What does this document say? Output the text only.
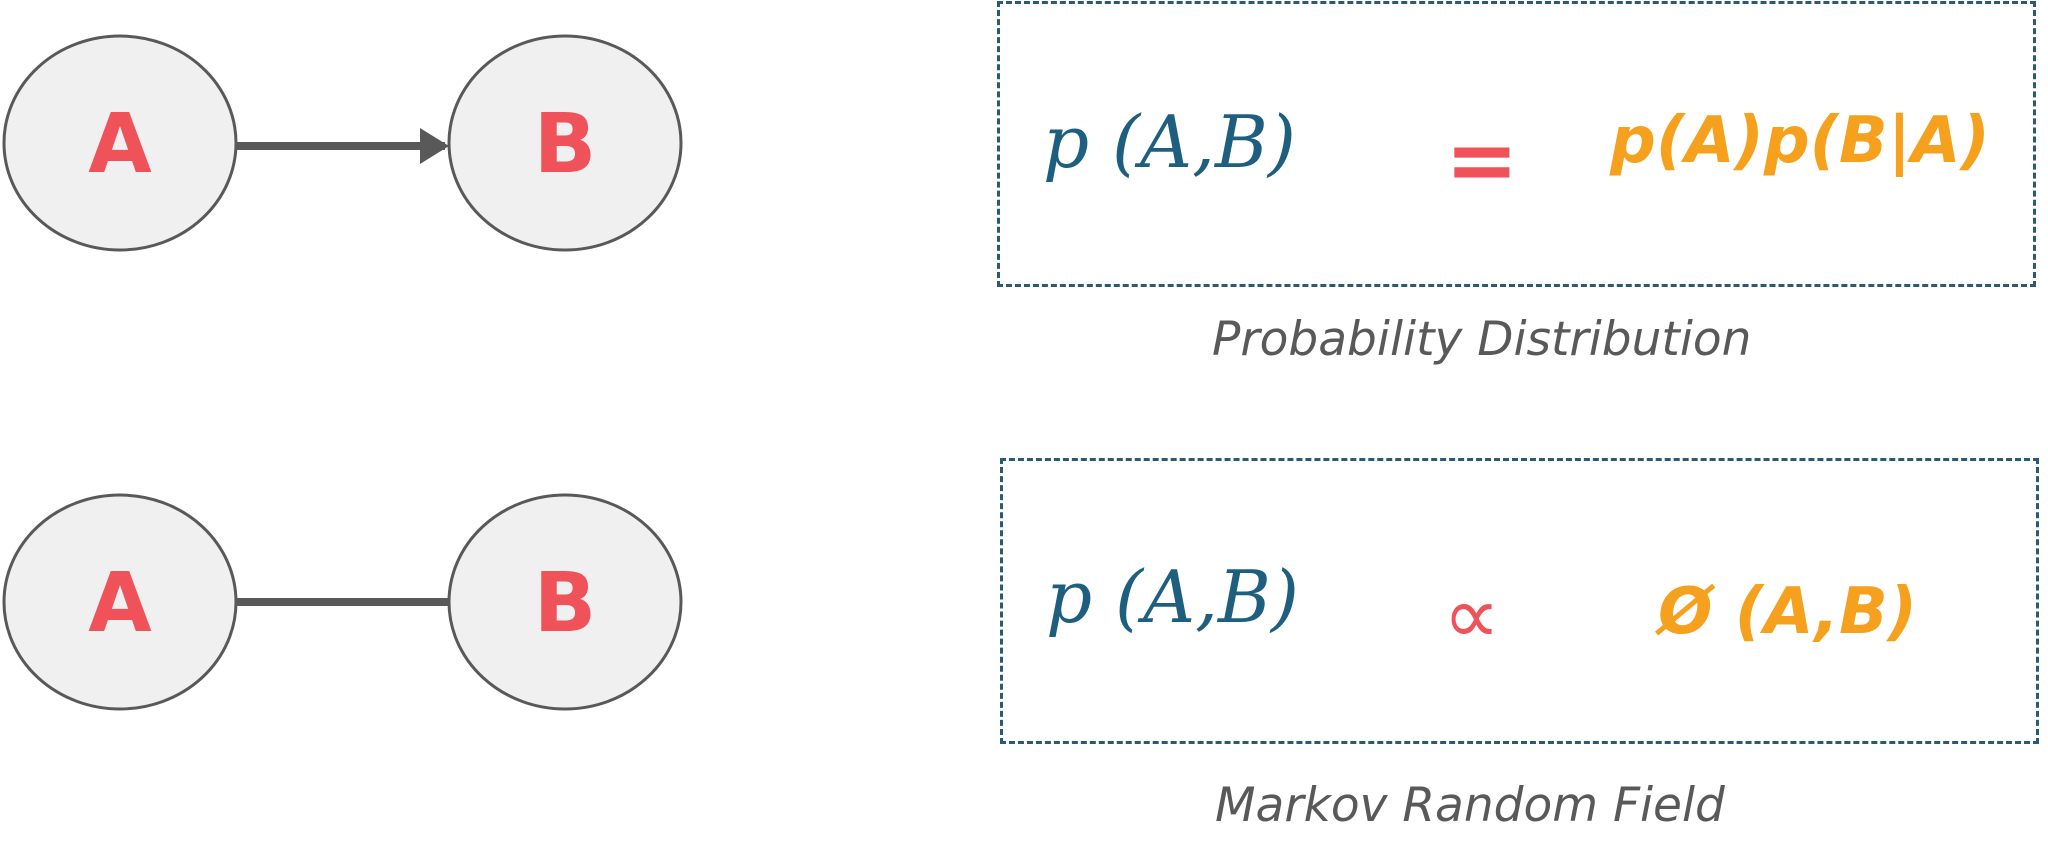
A	B
A	B
p (A,B) = p(A)p(B|A)
Probability Distribution
p (A,B) ∝ Ø (A,B)
Markov Random Field
